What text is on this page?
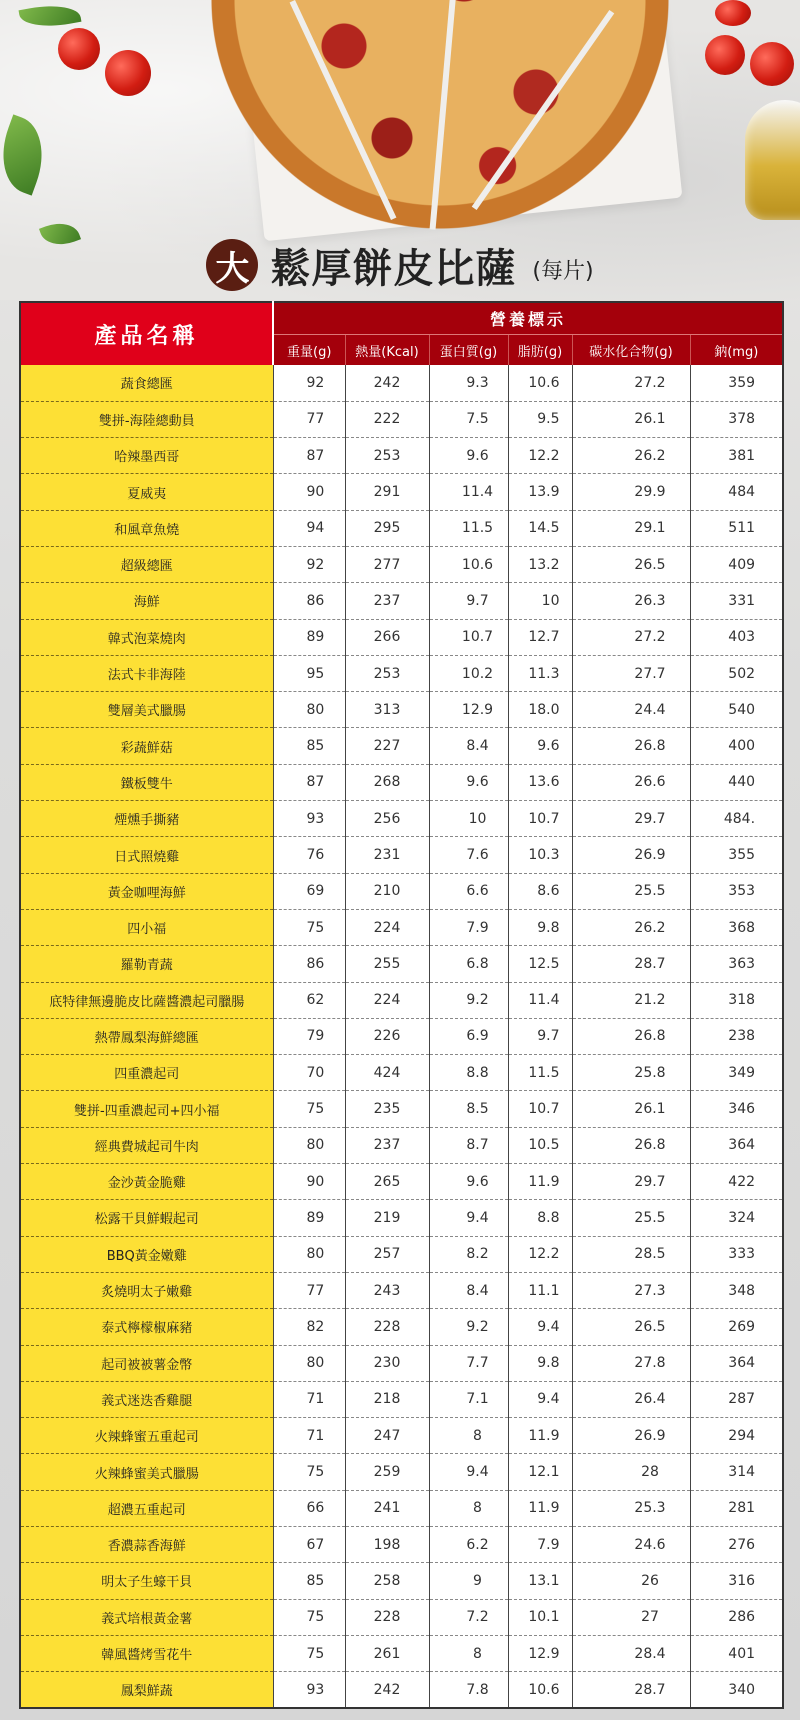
大 鬆厚餅皮比薩 (每片)
產品名稱	營養標示					
	重量(g)	熱量(Kcal)	蛋白質(g)	脂肪(g)	碳水化合物(g)	鈉(mg)
蔬食總匯	92	242	9.3	10.6	27.2	359

雙拼-海陸總動員	77	222	7.5	9.5	26.1	378

哈辣墨西哥	87	253	9.6	12.2	26.2	381

夏威夷	90	291	11.4	13.9	29.9	484

和風章魚燒	94	295	11.5	14.5	29.1	511

超級總匯	92	277	10.6	13.2	26.5	409

海鮮	86	237	9.7	10	26.3	331

韓式泡菜燒肉	89	266	10.7	12.7	27.2	403

法式卡非海陸	95	253	10.2	11.3	27.7	502

雙層美式臘腸	80	313	12.9	18.0	24.4	540

彩蔬鮮菇	85	227	8.4	9.6	26.8	400

鐵板雙牛	87	268	9.6	13.6	26.6	440

煙燻手撕豬	93	256	10	10.7	29.7	484.

日式照燒雞	76	231	7.6	10.3	26.9	355

黃金咖哩海鮮	69	210	6.6	8.6	25.5	353

四小福	75	224	7.9	9.8	26.2	368

羅勒青蔬	86	255	6.8	12.5	28.7	363

底特律無邊脆皮比薩醬濃起司臘腸	62	224	9.2	11.4	21.2	318

熱帶鳳梨海鮮總匯	79	226	6.9	9.7	26.8	238

四重濃起司	70	424	8.8	11.5	25.8	349

雙拼-四重濃起司+四小福	75	235	8.5	10.7	26.1	346

經典費城起司牛肉	80	237	8.7	10.5	26.8	364

金沙黃金脆雞	90	265	9.6	11.9	29.7	422

松露干貝鮮蝦起司	89	219	9.4	8.8	25.5	324

BBQ黃金嫩雞	80	257	8.2	12.2	28.5	333

炙燒明太子嫩雞	77	243	8.4	11.1	27.3	348

泰式檸檬椒麻豬	82	228	9.2	9.4	26.5	269

起司被被薯金幣	80	230	7.7	9.8	27.8	364

義式迷迭香雞腿	71	218	7.1	9.4	26.4	287

火辣蜂蜜五重起司	71	247	8	11.9	26.9	294

火辣蜂蜜美式臘腸	75	259	9.4	12.1	28	314

超濃五重起司	66	241	8	11.9	25.3	281

香濃蒜香海鮮	67	198	6.2	7.9	24.6	276

明太子生蠔干貝	85	258	9	13.1	26	316

義式培根黃金薯	75	228	7.2	10.1	27	286

韓風醬烤雪花牛	75	261	8	12.9	28.4	401

鳳梨鮮蔬	93	242	7.8	10.6	28.7	340
